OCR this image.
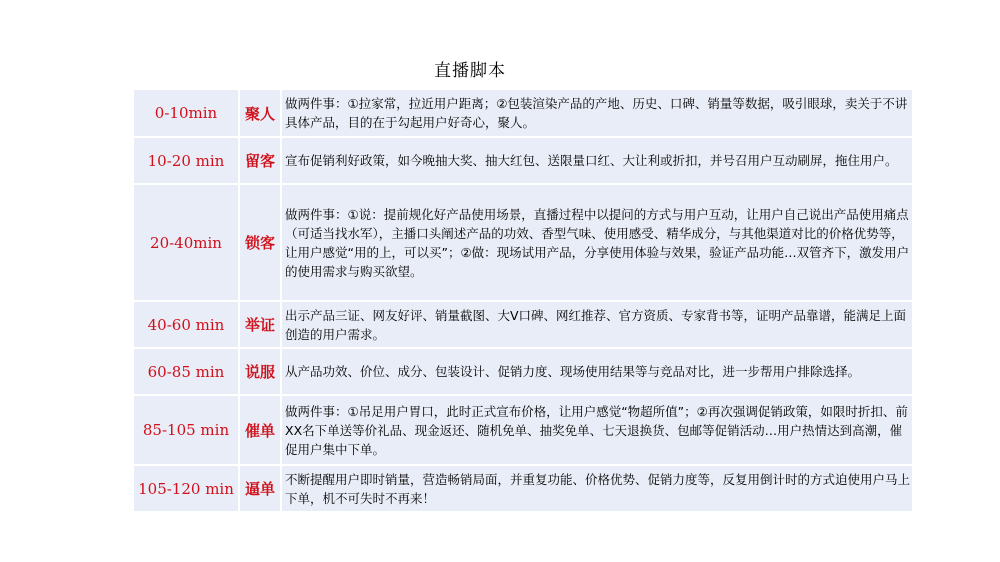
直播脚本
0-10min	聚人	做两件事：①拉家常，拉近用户距离；②包装渲染产品的产地、历史、口碑、销量等数据，吸引眼球，卖关于不讲具体产品，目的在于勾起用户好奇心，聚人。

10-20 min	留客	宣布促销利好政策，如今晚抽大奖、抽大红包、送限量口红、大让利或折扣，并号召用户互动刷屏，拖住用户。

20-40min	锁客	做两件事：①说：提前规化好产品使用场景，直播过程中以提问的方式与用户互动，让用户自己说出产品使用痛点（可适当找水军），主播口头阐述产品的功效、香型气味、使用感受、精华成分，与其他渠道对比的价格优势等，让用户感觉“用的上，可以买”；②做：现场试用产品，分享使用体验与效果，验证产品功能…双管齐下，激发用户的使用需求与购买欲望。

40-60 min	举证	出示产品三证、网友好评、销量截图、大V口碑、网红推荐、官方资质、专家背书等，证明产品靠谱，能满足上面创造的用户需求。

60-85 min	说服	从产品功效、价位、成分、包装设计、促销力度、现场使用结果等与竞品对比，进一步帮用户排除选择。

85-105 min	催单	做两件事：①吊足用户胃口，此时正式宣布价格，让用户感觉“物超所值”；②再次强调促销政策，如限时折扣、前XX名下单送等价礼品、现金返还、随机免单、抽奖免单、七天退换货、包邮等促销活动…用户热情达到高潮，催促用户集中下单。

105-120 min	逼单	不断提醒用户即时销量，营造畅销局面，并重复功能、价格优势、促销力度等，反复用倒计时的方式迫使用户马上下单，机不可失时不再来！
